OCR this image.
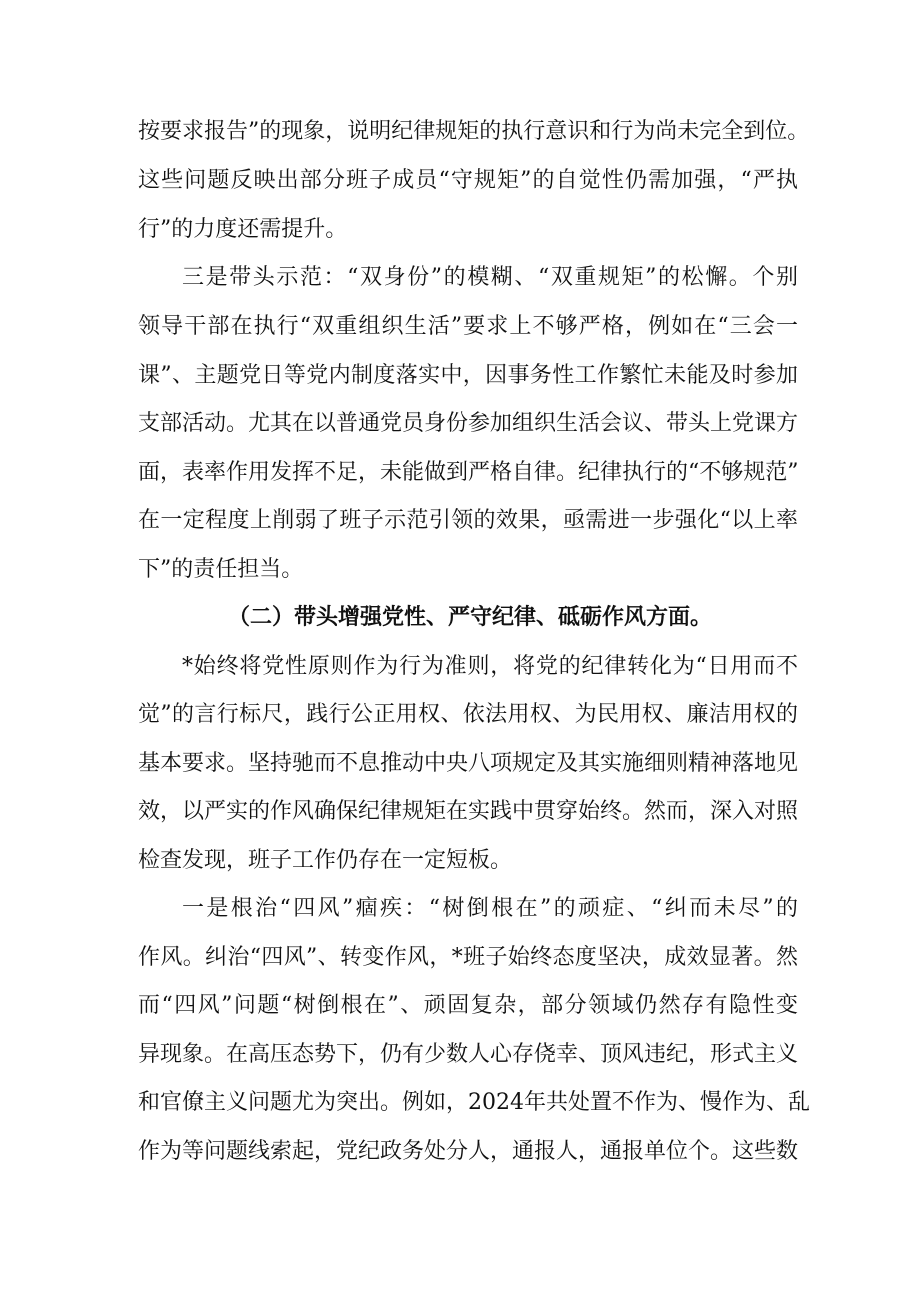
按要求报告”的现象，说明纪律规矩的执行意识和行为尚未完全到位。
这些问题反映出部分班子成员“守规矩”的自觉性仍需加强，“严执
行”的力度还需提升。
三是带头示范：“双身份”的模糊、“双重规矩”的松懈。个别
领导干部在执行“双重组织生活”要求上不够严格，例如在“三会一
课”、主题党日等党内制度落实中，因事务性工作繁忙未能及时参加
支部活动。尤其在以普通党员身份参加组织生活会议、带头上党课方
面，表率作用发挥不足，未能做到严格自律。纪律执行的“不够规范”
在一定程度上削弱了班子示范引领的效果，亟需进一步强化“以上率
下”的责任担当。
（二）带头增强党性、严守纪律、砥砺作风方面。
*始终将党性原则作为行为准则，将党的纪律转化为“日用而不
觉”的言行标尺，践行公正用权、依法用权、为民用权、廉洁用权的
基本要求。坚持驰而不息推动中央八项规定及其实施细则精神落地见
效，以严实的作风确保纪律规矩在实践中贯穿始终。然而，深入对照
检查发现，班子工作仍存在一定短板。
一是根治“四风”痼疾：“树倒根在”的顽症、“纠而未尽”的
作风。纠治“四风”、转变作风，*班子始终态度坚决，成效显著。然
而“四风”问题“树倒根在”、顽固复杂，部分领域仍然存有隐性变
异现象。在高压态势下，仍有少数人心存侥幸、顶风违纪，形式主义
和官僚主义问题尤为突出。例如，2024年共处置不作为、慢作为、乱
作为等问题线索起，党纪政务处分人，通报人，通报单位个。这些数
